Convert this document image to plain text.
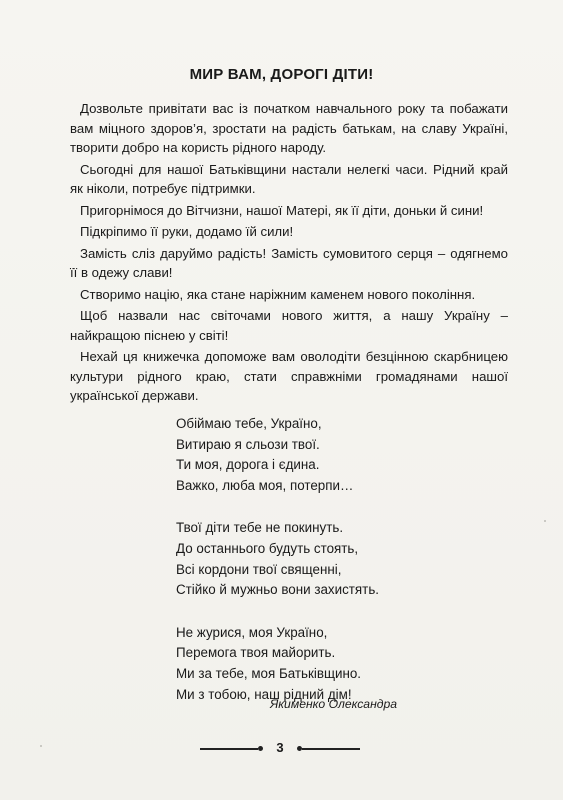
МИР ВАМ, ДОРОГІ ДІТИ!

Дозвольте привітати вас із початком навчального року та побажати вам міцного здоров’я, зростати на радість батькам, на славу Україні, творити добро на користь рідного народу.

Сьогодні для нашої Батьківщини настали нелегкі часи. Рідний край як ніколи, потребує підтримки.

Пригорнімося до Вітчизни, нашої Матері, як її діти, доньки й сини!

Підкріпимо її руки, додамо їй сили!

Замість сліз даруймо радість! Замість сумовитого серця – одягнемо її в одежу слави!

Створимо націю, яка стане наріжним каменем нового покоління.

Щоб назвали нас світочами нового життя, а нашу Україну – найкращою піснею у світі!

Нехай ця книжечка допоможе вам оволодіти безцінною скарбницею культури рідного краю, стати справжніми громадянами нашої української держави.

Обіймаю тебе, Україно,
Витираю я сльози твої.
Ти моя, дорога і єдина.
Важко, люба моя, потерпи…
Твої діти тебе не покинуть.
До останнього будуть стоять,
Всі кордони твої священні,
Стійко й мужньо вони захистять.
Не журися, моя Україно,
Перемога твоя майорить.
Ми за тебе, моя Батьківщино.
Ми з тобою, наш рідний дім!
Якименко Олександра
3
